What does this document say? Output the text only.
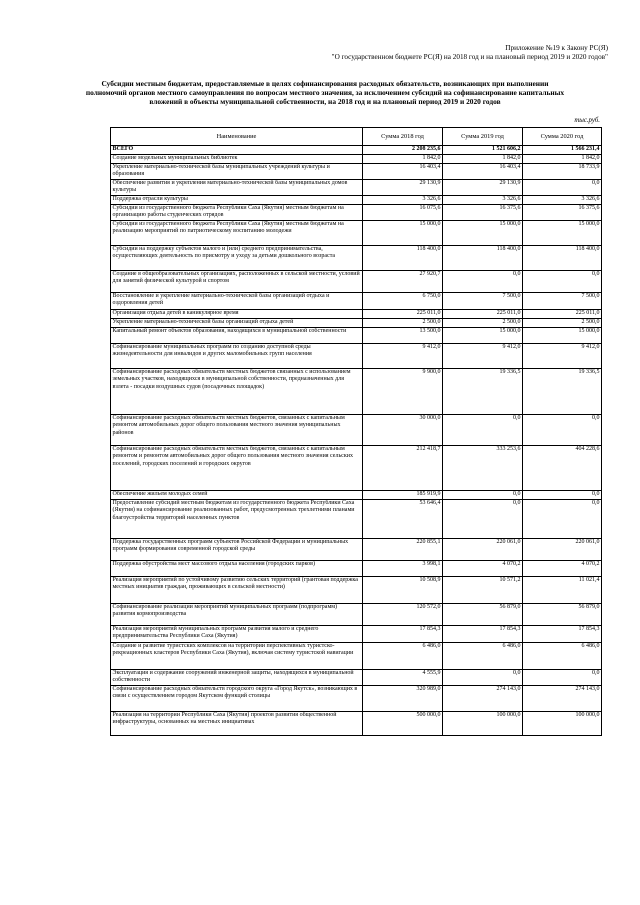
Приложение №19 к Закону РС(Я)
"О государственном бюджете РС(Я) на 2018 год и на плановый период 2019 и 2020 годов"
Субсидии местным бюджетам, предоставляемые в целях софинансирования расходных обязательств, возникающих при выполнении
полномочий органов местного самоуправления по вопросам местного значения, за исключением субсидий на софинансирование капитальных
вложений в объекты муниципальной собственности, на 2018 год и на плановый период 2019 и 2020 годов
тыс.руб.
Наименование	Сумма 2018 год	Сумма 2019 год	Сумма 2020 год
ВСЕГО	2 208 235,6	1 521 606,2	1 566 231,4
Создание модельных муниципальных библиотек	1 842,0	1 842,0	1 842,0
Укрепление материально-технической базы муниципальных учреждений культуры и образования	16 403,4	16 403,4	18 733,9
Обеспечение развития и укрепления материально-технической базы муниципальных домов культуры	29 130,9	29 130,9	0,0
Поддержка отрасли культуры	3 326,6	3 326,6	3 326,6
Субсидии из государственного бюджета Республики Саха (Якутия) местным бюджетам на организацию работы студенческих отрядов	16 075,6	16 375,6	16 375,6
Субсидии из государственного бюджета Республики Саха (Якутия) местным бюджетам на реализацию мероприятий по патриотическому воспитанию молодежи	15 000,0	15 000,0	15 000,0
Субсидии на поддержку субъектов малого и (или) среднего предпринимательства, осуществляющих деятельность по присмотру и уходу за детьми дошкольного возраста	118 400,0	118 400,0	118 400,0
Создание в общеобразовательных организациях, расположенных в сельской местности, условий для занятий физической культурой и спортом	27 920,7	0,0	0,0
Восстановление и укрепление материально-технической базы организаций отдыха и оздоровления детей	6 750,0	7 500,0	7 500,0
Организация отдыха детей в каникулярное время	225 011,0	225 011,0	225 011,0
Укрепление материально-технической базы организаций отдыха детей	2 500,0	2 500,0	2 500,0
Капитальный ремонт объектов образования, находящихся в муниципальной собственности	13 500,0	15 000,0	15 000,0
Софинансирование муниципальных программ по созданию доступной среды жизнедеятельности для инвалидов и других маломобильных групп населения	9 412,0	9 412,0	9 412,0
Софинансирование расходных обязательств местных бюджетов связанных с использованием земельных участков, находящихся в муниципальной собственности, предназначенных для взлета - посадки воздушных судов (посадочных площадок)	9 900,0	19 336,5	19 336,5
Софинансирование расходных обязательств местных бюджетов, связанных с капитальным ремонтом автомобильных дорог общего пользования местного значения муниципальных районов	30 000,0	0,0	0,0
Софинансирование расходных обязательств местных бюджетов, связанных с капитальным ремонтом и ремонтом автомобильных дорог общего пользования местного значения сельских поселений, городских поселений и городских округов	212 418,7	333 253,6	404 228,6
Обеспечение жильем молодых семей	185 919,9	0,0	0,0
Предоставление субсидий местным бюджетам из государственного бюджета Республики Саха (Якутия) на софинансирование реализованных работ, предусмотренных трехлетними планами благоустройства территорий населенных пунктов	53 646,4	0,0	0,0
Поддержка государственных программ субъектов Российской Федерации и муниципальных программ формирования современной городской среды	220 855,1	220 061,0	220 061,0
Поддержка обустройства мест массового отдыха населения (городских парков)	3 998,1	4 070,2	4 070,2
Реализация мероприятий по устойчивому развитию сельских территорий (грантовая поддержка местных инициатив граждан, проживающих в сельской местности)	10 508,9	10 571,2	11 021,4
Софинансирование реализации мероприятий муниципальных программ (подпрограмм) развития кормопроизводства	120 572,0	56 879,0	56 879,0
Реализация мероприятий муниципальных программ развития малого и среднего предпринимательства Республики Саха (Якутия)	17 854,3	17 854,3	17 854,3
Создание и развитие туристских комплексов на территории перспективных туристско-рекреационных кластеров Республики Саха (Якутия), включая систему туристской навигации	6 486,0	6 486,0	6 486,0
Эксплуатация и содержание сооружений инженерной защиты, находящихся в муниципальной собственности	4 555,9	0,0	0,0
Софинансирование расходных обязательств городского округа «Город Якутск», возникающих в связи с осуществлением городом Якутском функций столицы	320 989,0	274 143,0	274 143,0
Реализация на территории Республики Саха (Якутия) проектов развития общественной инфраструктуры, основанных на местных инициативах	500 000,0	100 000,0	100 000,0
